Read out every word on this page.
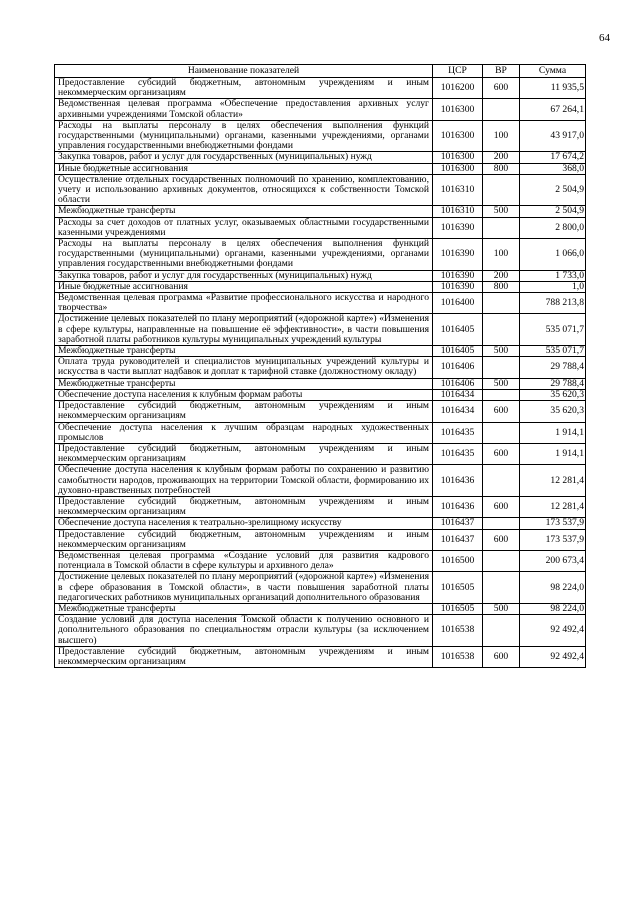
64
Наименование показателей	ЦСР	ВР	Сумма
Предоставление субсидий бюджетным, автономным учреждениям и иным некоммерческим организациям	1016200	600	11 935,5
Ведомственная целевая программа «Обеспечение предоставления архивных услуг архивными учреждениями Томской области»	1016300		67 264,1
Расходы на выплаты персоналу в целях обеспечения выполнения функций государственными (муниципальными) органами, казенными учреждениями, органами управления государственными внебюджетными фондами	1016300	100	43 917,0
Закупка товаров, работ и услуг для государственных (муниципальных) нужд	1016300	200	17 674,2
Иные бюджетные ассигнования	1016300	800	368,0
Осуществление отдельных государственных полномочий по хранению, комплектованию, учету и использованию архивных документов, относящихся к собственности Томской области	1016310		2 504,9
Межбюджетные трансферты	1016310	500	2 504,9
Расходы за счет доходов от платных услуг, оказываемых областными государственными казенными учреждениями	1016390		2 800,0
Расходы на выплаты персоналу в целях обеспечения выполнения функций государственными (муниципальными) органами, казенными учреждениями, органами управления государственными внебюджетными фондами	1016390	100	1 066,0
Закупка товаров, работ и услуг для государственных (муниципальных) нужд	1016390	200	1 733,0
Иные бюджетные ассигнования	1016390	800	1,0
Ведомственная целевая программа «Развитие профессионального искусства и народного творчества»	1016400		788 213,8
Достижение целевых показателей по плану мероприятий («дорожной карте») «Изменения в сфере культуры, направленные на повышение её эффективности», в части повышения заработной платы работников культуры муниципальных учреждений культуры	1016405		535 071,7
Межбюджетные трансферты	1016405	500	535 071,7
Оплата труда руководителей и специалистов муниципальных учреждений культуры и искусства в части выплат надбавок и доплат к тарифной ставке (должностному окладу)	1016406		29 788,4
Межбюджетные трансферты	1016406	500	29 788,4
Обеспечение доступа населения к клубным формам работы	1016434		35 620,3
Предоставление субсидий бюджетным, автономным учреждениям и иным некоммерческим организациям	1016434	600	35 620,3
Обеспечение доступа населения к лучшим образцам народных художественных промыслов	1016435		1 914,1
Предоставление субсидий бюджетным, автономным учреждениям и иным некоммерческим организациям	1016435	600	1 914,1
Обеспечение доступа населения к клубным формам работы по сохранению и развитию самобытности народов, проживающих на территории Томской области, формированию их духовно-нравственных потребностей	1016436		12 281,4
Предоставление субсидий бюджетным, автономным учреждениям и иным некоммерческим организациям	1016436	600	12 281,4
Обеспечение доступа населения к театрально-зрелищному искусству	1016437		173 537,9
Предоставление субсидий бюджетным, автономным учреждениям и иным некоммерческим организациям	1016437	600	173 537,9
Ведомственная целевая программа «Создание условий для развития кадрового потенциала в Томской области в сфере культуры и архивного дела»	1016500		200 673,4
Достижение целевых показателей по плану мероприятий («дорожной карте») «Изменения в сфере образования в Томской области», в части повышения заработной платы педагогических работников муниципальных организаций дополнительного образования	1016505		98 224,0
Межбюджетные трансферты	1016505	500	98 224,0
Создание условий для доступа населения Томской области к получению основного и дополнительного образования по специальностям отрасли культуры (за исключением высшего)	1016538		92 492,4
Предоставление субсидий бюджетным, автономным учреждениям и иным некоммерческим организациям	1016538	600	92 492,4
